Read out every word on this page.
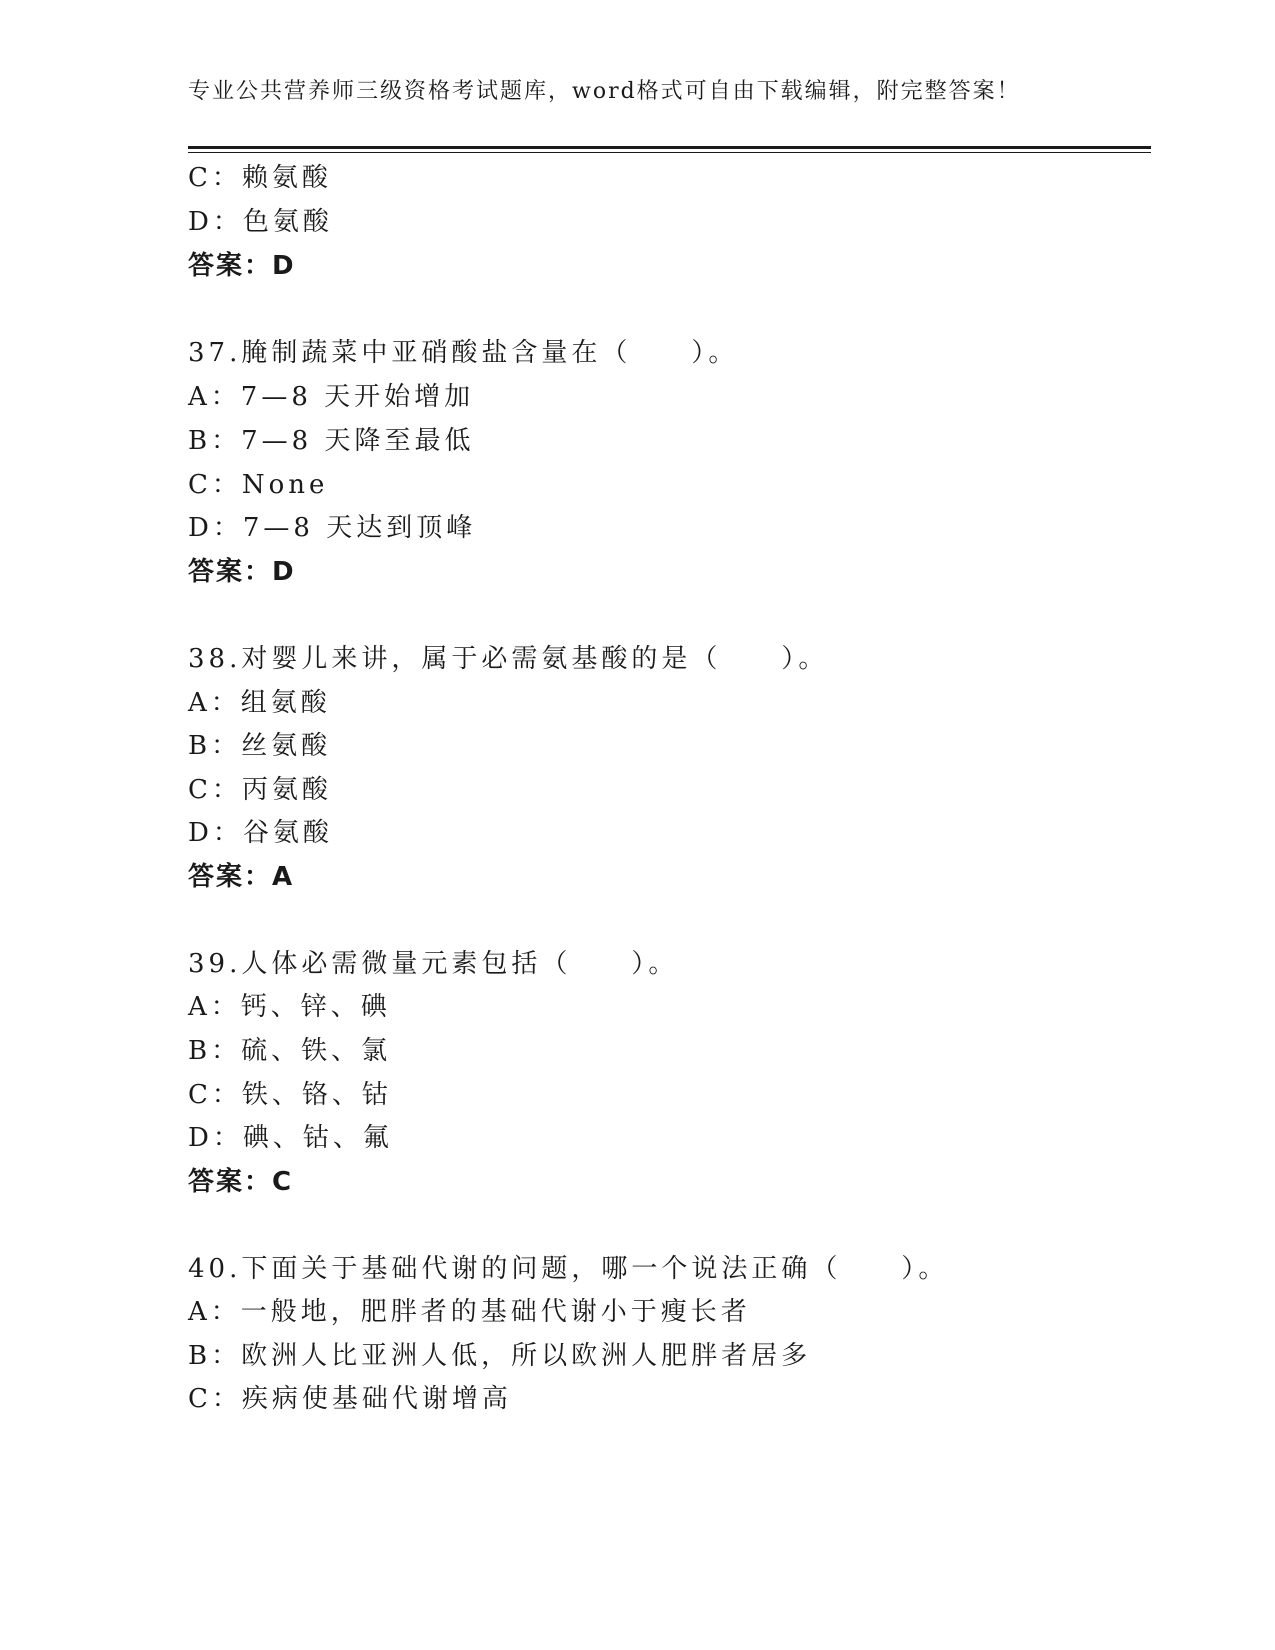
专业公共营养师三级资格考试题库，word格式可自由下载编辑，附完整答案！
C：赖氨酸
D：色氨酸
答案：D
37.腌制蔬菜中亚硝酸盐含量在（　　）。
A：7—8 天开始增加
B：7—8 天降至最低
C：None
D：7—8 天达到顶峰
答案：D
38.对婴儿来讲，属于必需氨基酸的是（　　）。
A：组氨酸
B：丝氨酸
C：丙氨酸
D：谷氨酸
答案：A
39.人体必需微量元素包括（　　）。
A：钙、锌、碘
B：硫、铁、氯
C：铁、铬、钴
D：碘、钴、氟
答案：C
40.下面关于基础代谢的问题，哪一个说法正确（　　）。
A：一般地，肥胖者的基础代谢小于瘦长者
B：欧洲人比亚洲人低，所以欧洲人肥胖者居多
C：疾病使基础代谢增高
